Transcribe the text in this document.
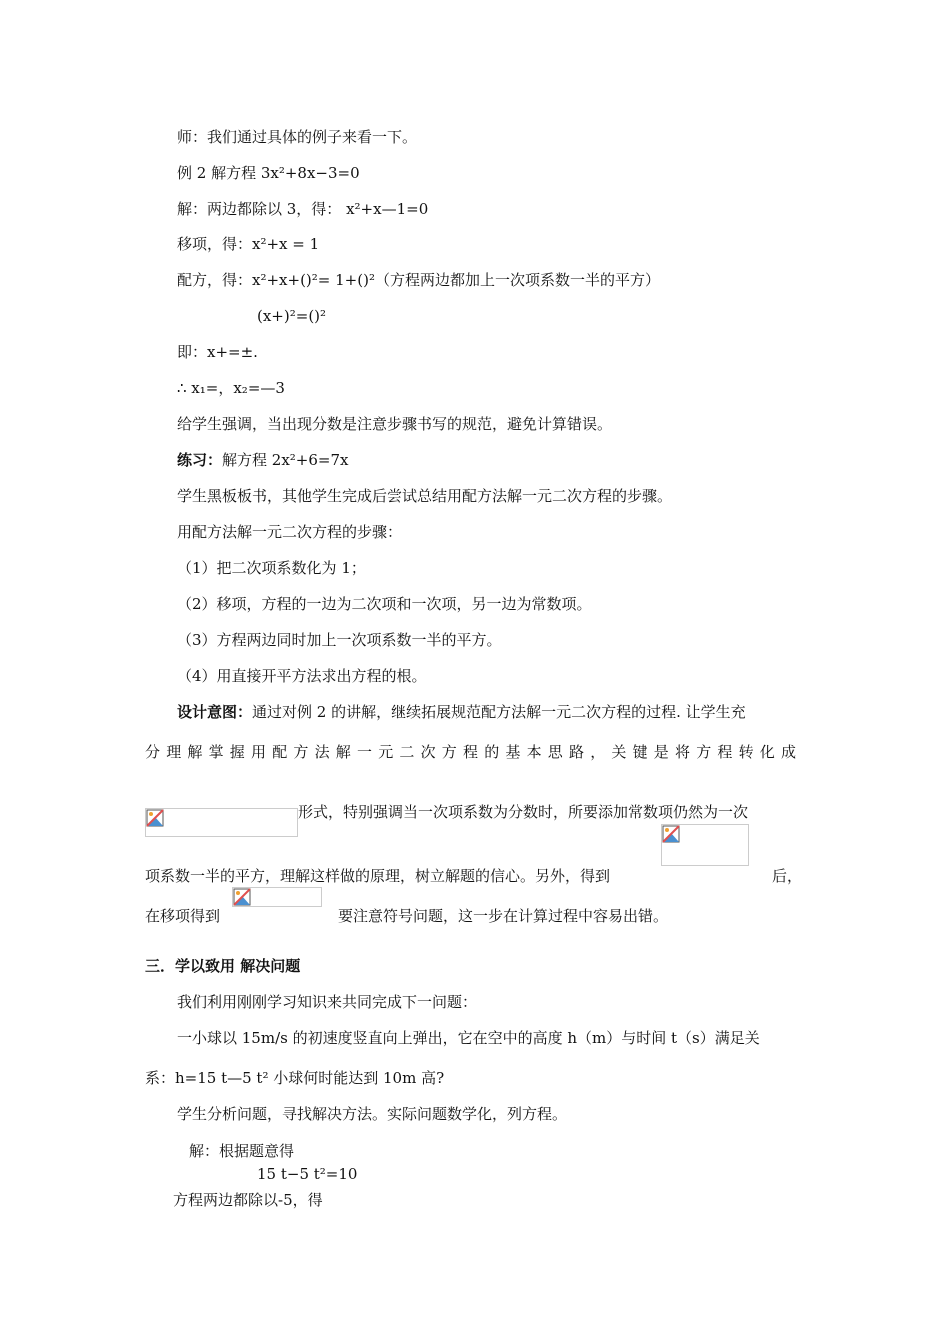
师：我们通过具体的例子来看一下。
例 2 解方程 3x²+8x−3=0
解：两边都除以 3，得： x²+x—1=0
移项，得：x²+x = 1
配方，得：x²+x+()²= 1+()²（方程两边都加上一次项系数一半的平方）
(x+)²=()²
即：x+=±.
∴ x₁=，x₂=—3
给学生强调，当出现分数是注意步骤书写的规范，避免计算错误。
练习：解方程 2x²+6=7x
学生黑板板书，其他学生完成后尝试总结用配方法解一元二次方程的步骤。
用配方法解一元二次方程的步骤：
（1）把二次项系数化为 1；
（2）移项，方程的一边为二次项和一次项，另一边为常数项。
（3）方程两边同时加上一次项系数一半的平方。
（4）用直接开平方法求出方程的根。
设计意图：通过对例 2 的讲解，继续拓展规范配方法解一元二次方程的过程. 让学生充
分理解掌握用配方法解一元二次方程的基本思路，关键是将方程转化成
形式，特别强调当一次项系数为分数时，所要添加常数项仍然为一次
项系数一半的平方，理解这样做的原理，树立解题的信心。另外，得到	后，
在移项得到	要注意符号问题，这一步在计算过程中容易出错。
三．学以致用 解决问题
我们利用刚刚学习知识来共同完成下一问题：
一小球以 15m/s 的初速度竖直向上弹出，它在空中的高度 h（m）与时间 t（s）满足关
系：h=15 t—5 t² 小球何时能达到 10m 高?
学生分析问题，寻找解决方法。实际问题数学化，列方程。
解：根据题意得
15 t−5 t²=10
方程两边都除以-5，得
